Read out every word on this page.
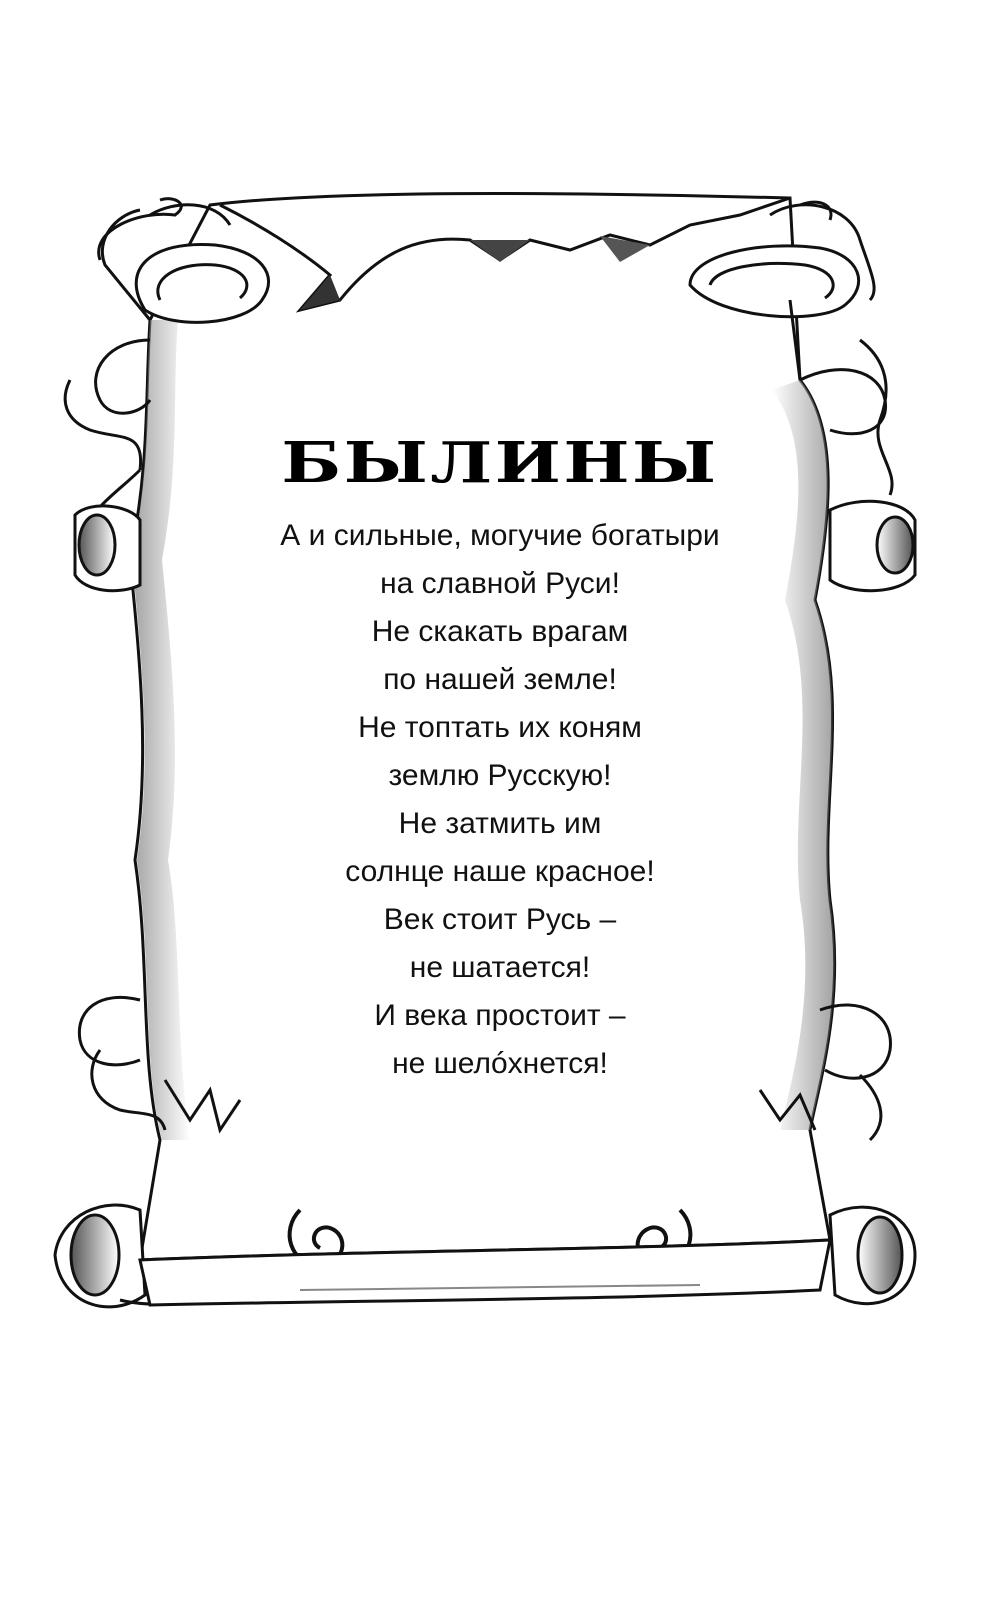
БЫЛИНЫ
А и сильные, могучие богатыри
на славной Руси!
Не скакать врагам
по нашей земле!
Не топтать их коням
землю Русскую!
Не затмить им
солнце наше красное!
Век стоит Русь –
не шатается!
И века простоит –
не шелóхнется!
